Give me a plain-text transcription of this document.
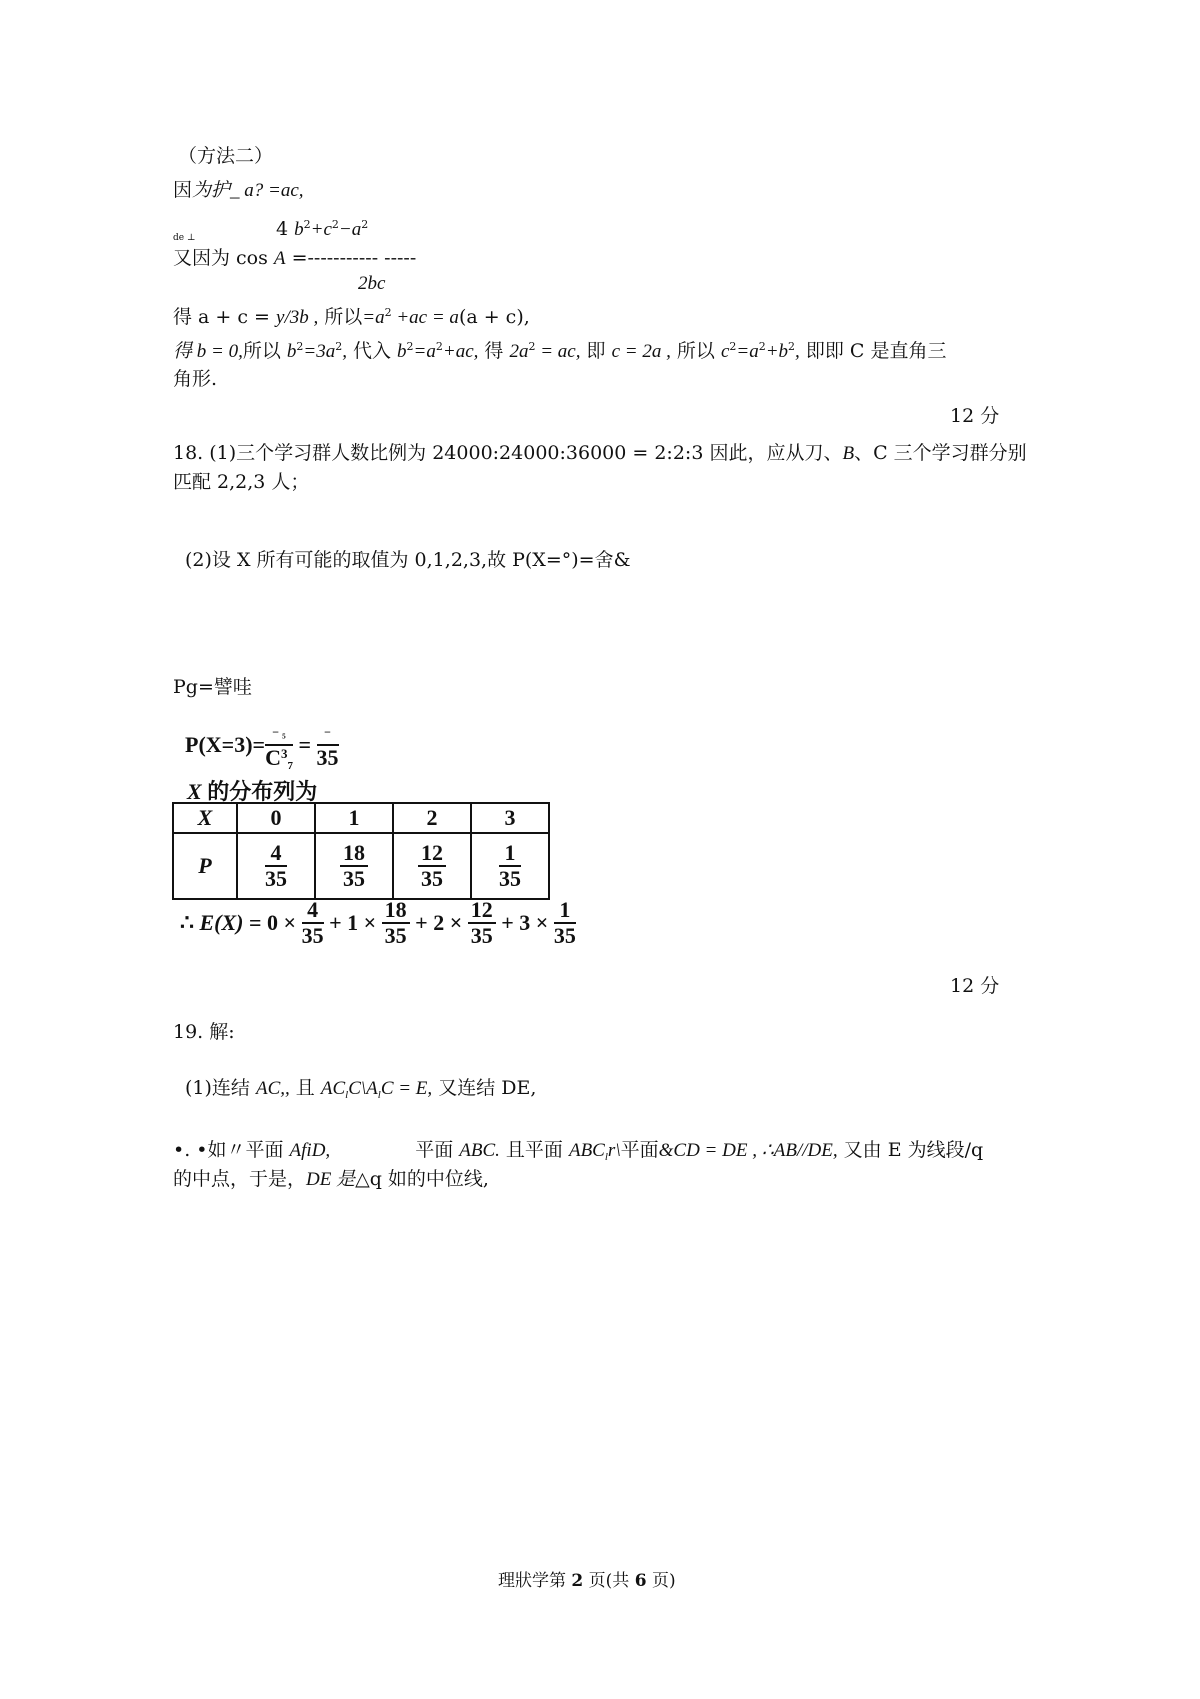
（方法二）
因为护_ a? =ac,
de ⊥	4 $b^2+c^2-a^2$
又因为 cos A =----------- -----
2bc
得 a + c = y/3b , 所以$=a^2 +ac = a(a + c)$,
得 b = 0,所以 $b^2=3a^2$, 代入 $b^2=a^2+ac$, 得 $2a^2$ = ac, 即 c = 2a , 所以 $c^2=a^2+b^2$, 即即 C 是直角三
角形.
12 分
18. (1)三个学习群人数比例为 24000:24000:36000 = 2:2:3 因此，应从刀、B、C 三个学习群分别
匹配 2,2,3 人；
(2)设 X 所有可能的取值为 0,1,2,3,故 P(X=°)=舍&
Pg=譬哇
$P(X=3)= \frac{\text{− ₅}}{C^3_7} = \frac{-}{35}$
X 的分布列为
X	0	1	2	3
P	$\frac{4}{35}$	$\frac{18}{35}$	$\frac{12}{35}$	$\frac{1}{35}$
∴ $E(X) = 0 \times \frac{4}{35} + 1 \times \frac{18}{35} + 2 \times \frac{12}{35} + 3 \times \frac{1}{35}$
12 分
19. 解:
(1)连结 AC,, 且 $AC_lC\backslash A_lC = E$, 又连结 DE,
•. •如〃平面 AfiD,	平面 ABC. 且平面 $ABC_lr\backslash$平面&CD = DE , ∴AB//DE, 又由 E 为线段/q
的中点，于是，DE 是△q 如的中位线,
理狀学第 2 页(共 6 页)
